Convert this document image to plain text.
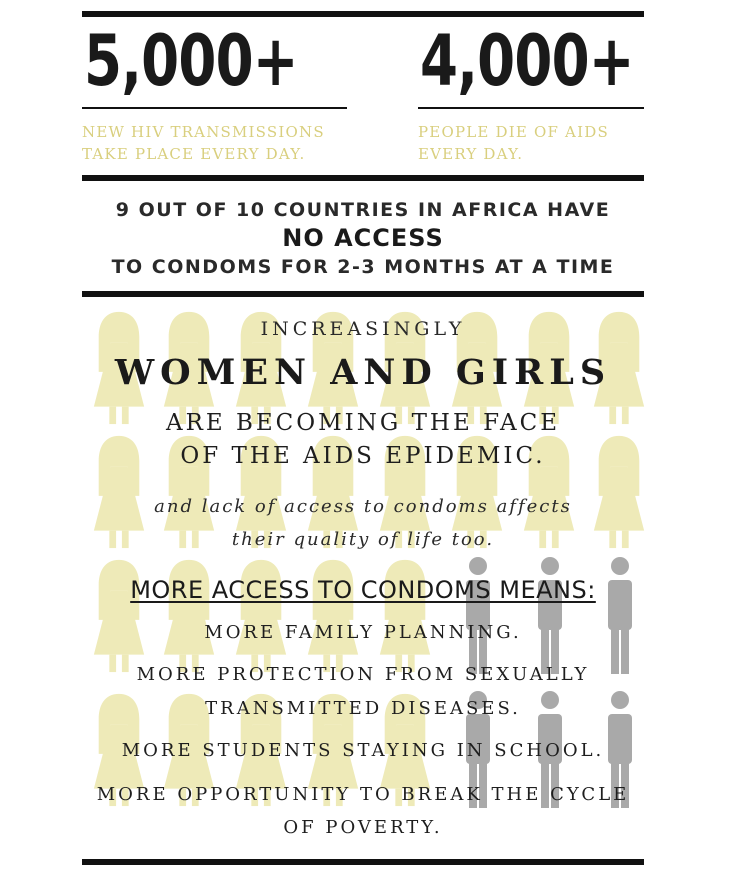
5,000+
NEW HIV TRANSMISSIONS
TAKE PLACE EVERY DAY.
4,000+
PEOPLE DIE OF AIDS
EVERY DAY.
9 OUT OF 10 COUNTRIES IN AFRICA HAVE
NO ACCESS
TO CONDOMS FOR 2-3 MONTHS AT A TIME
INCREASINGLY
WOMEN AND GIRLS
ARE BECOMING THE FACE
OF THE AIDS EPIDEMIC.
and lack of access to condoms affects
their quality of life too.
MORE ACCESS TO CONDOMS MEANS:
MORE FAMILY PLANNING.
MORE PROTECTION FROM SEXUALLY
TRANSMITTED DISEASES.
MORE STUDENTS STAYING IN SCHOOL.
MORE OPPORTUNITY TO BREAK THE CYCLE
OF POVERTY.
